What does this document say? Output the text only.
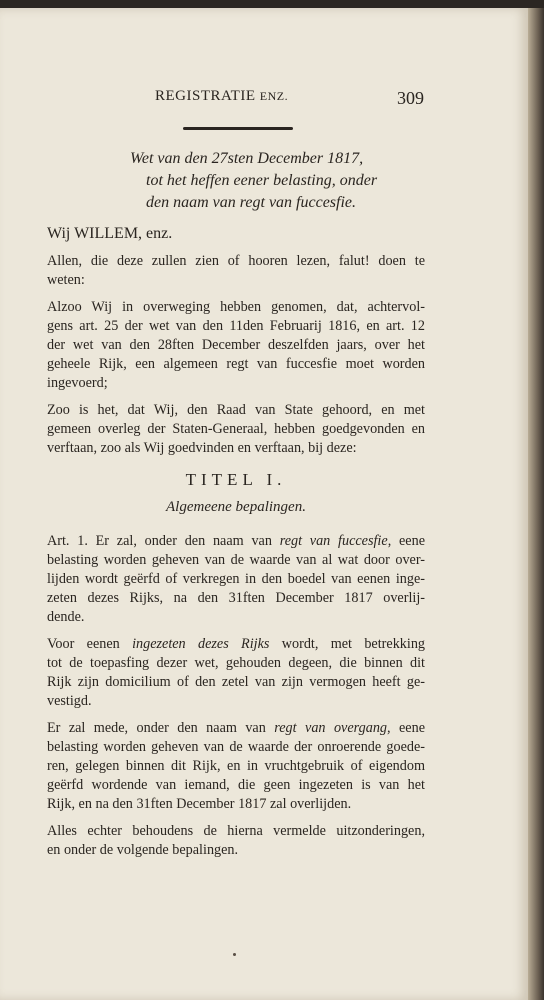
REGISTRATIE ENZ.	309
Wet van den 27sten December 1817,
tot het heffen eener belasting, onder
den naam van regt van fuccesfie.
Wij WILLEM, enz.
Allen, die deze zullen zien of hooren lezen, falut! doen te
weten:
Alzoo Wij in overweging hebben genomen, dat, achtervol-
gens art. 25 der wet van den 11den Februarij 1816, en art. 12
der wet van den 28ften December deszelfden jaars, over het
geheele Rijk, een algemeen regt van fuccesfie moet worden
ingevoerd;
Zoo is het, dat Wij, den Raad van State gehoord, en met
gemeen overleg der Staten-Generaal, hebben goedgevonden en
verftaan, zoo als Wij goedvinden en verftaan, bij deze:
TITEL I.
Algemeene bepalingen.
Art. 1. Er zal, onder den naam van regt van fuccesfie, eene
belasting worden geheven van de waarde van al wat door over-
lijden wordt geërfd of verkregen in den boedel van eenen inge-
zeten dezes Rijks, na den 31ften December 1817 overlij-
dende.
Voor eenen ingezeten dezes Rijks wordt, met betrekking
tot de toepasfing dezer wet, gehouden degeen, die binnen dit
Rijk zijn domicilium of den zetel van zijn vermogen heeft ge-
vestigd.
Er zal mede, onder den naam van regt van overgang, eene
belasting worden geheven van de waarde der onroerende goede-
ren, gelegen binnen dit Rijk, en in vruchtgebruik of eigendom
geërfd wordende van iemand, die geen ingezeten is van het
Rijk, en na den 31ften December 1817 zal overlijden.
Alles echter behoudens de hierna vermelde uitzonderingen,
en onder de volgende bepalingen.
